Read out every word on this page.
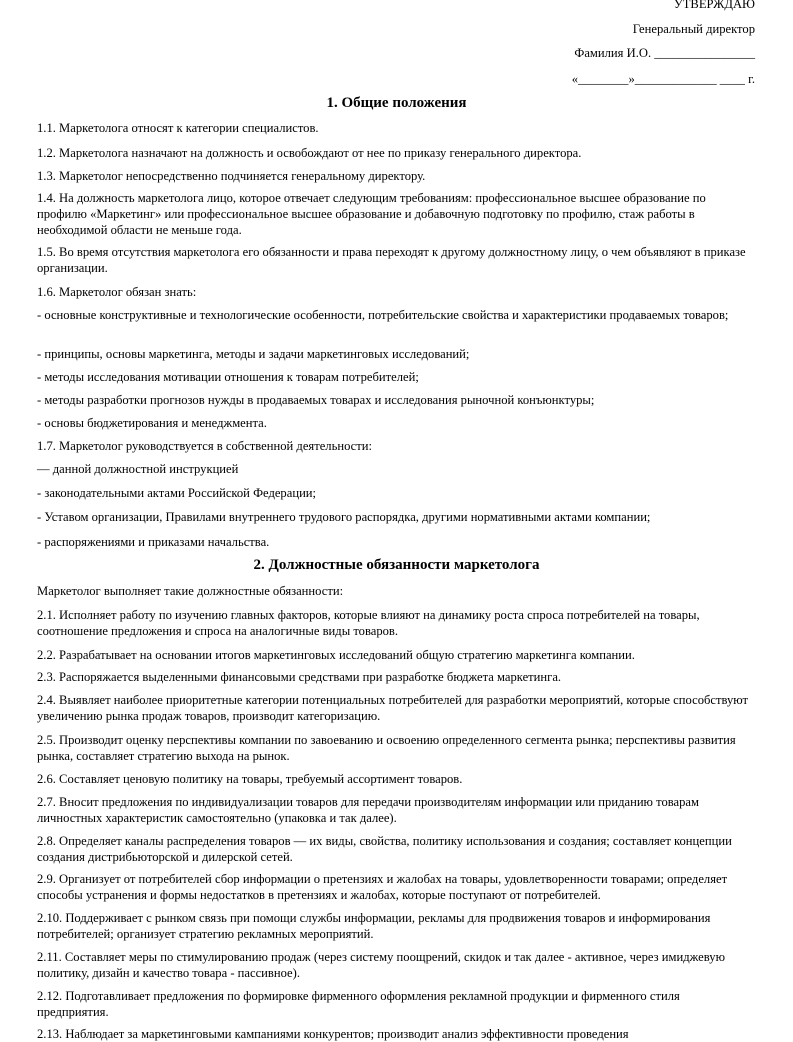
УТВЕРЖДАЮ
Генеральный директор
Фамилия И.О. ________________
«________»_____________ ____ г.
1. Общие положения

1.1. Маркетолога относят к категории специалистов.

1.2. Маркетолога назначают на должность и освобождают от нее по приказу генерального директора.

1.3. Маркетолог непосредственно подчиняется генеральному директору.

1.4. На должность маркетолога лицо, которое отвечает следующим требованиям: профессиональное высшее образование по профилю «Маркетинг» или профессиональное высшее образование и добавочную подготовку по профилю, стаж работы в необходимой области не меньше года.

1.5. Во время отсутствия маркетолога его обязанности и права переходят к другому должностному лицу, о чем объявляют в приказе организации.

1.6. Маркетолог обязан знать:

- основные конструктивные и технологические особенности, потребительские свойства и характеристики продаваемых товаров;

- принципы, основы маркетинга, методы и задачи маркетинговых исследований;

- методы исследования мотивации отношения к товарам потребителей;

- методы разработки прогнозов нужды в продаваемых товарах и исследования рыночной конъюнктуры;

- основы бюджетирования и менеджмента.

1.7. Маркетолог руководствуется в собственной деятельности:

— данной должностной инструкцией

- законодательными актами Российской Федерации;

- Уставом организации, Правилами внутреннего трудового распорядка, другими нормативными актами компании;

- распоряжениями и приказами начальства.

2. Должностные обязанности маркетолога

Маркетолог выполняет такие должностные обязанности:

2.1. Исполняет работу по изучению главных факторов, которые влияют на динамику роста спроса потребителей на товары, соотношение предложения и спроса на аналогичные виды товаров.

2.2. Разрабатывает на основании итогов маркетинговых исследований общую стратегию маркетинга компании.

2.3. Распоряжается выделенными финансовыми средствами при разработке бюджета маркетинга.

2.4. Выявляет наиболее приоритетные категории потенциальных потребителей для разработки мероприятий, которые способствуют увеличению рынка продаж товаров, производит категоризацию.

2.5. Производит оценку перспективы компании по завоеванию и освоению определенного сегмента рынка; перспективы развития рынка, составляет стратегию выхода на рынок.

2.6. Составляет ценовую политику на товары, требуемый ассортимент товаров.

2.7. Вносит предложения по индивидуализации товаров для передачи производителям информации или приданию товарам личностных характеристик самостоятельно (упаковка и так далее).

2.8. Определяет каналы распределения товаров — их виды, свойства, политику использования и создания; составляет концепции создания дистрибьюторской и дилерской сетей.

2.9. Организует от потребителей сбор информации о претензиях и жалобах на товары, удовлетворенности товарами; определяет способы устранения и формы недостатков в претензиях и жалобах, которые поступают от потребителей.

2.10. Поддерживает с рынком связь при помощи службы информации, рекламы для продвижения товаров и информирования потребителей; организует стратегию рекламных мероприятий.

2.11. Составляет меры по стимулированию продаж (через систему поощрений, скидок и так далее - активное, через имиджевую политику, дизайн и качество товара - пассивное).

2.12. Подготавливает предложения по формировке фирменного оформления рекламной продукции и фирменного стиля предприятия.

2.13. Наблюдает за маркетинговыми кампаниями конкурентов; производит анализ эффективности проведения
